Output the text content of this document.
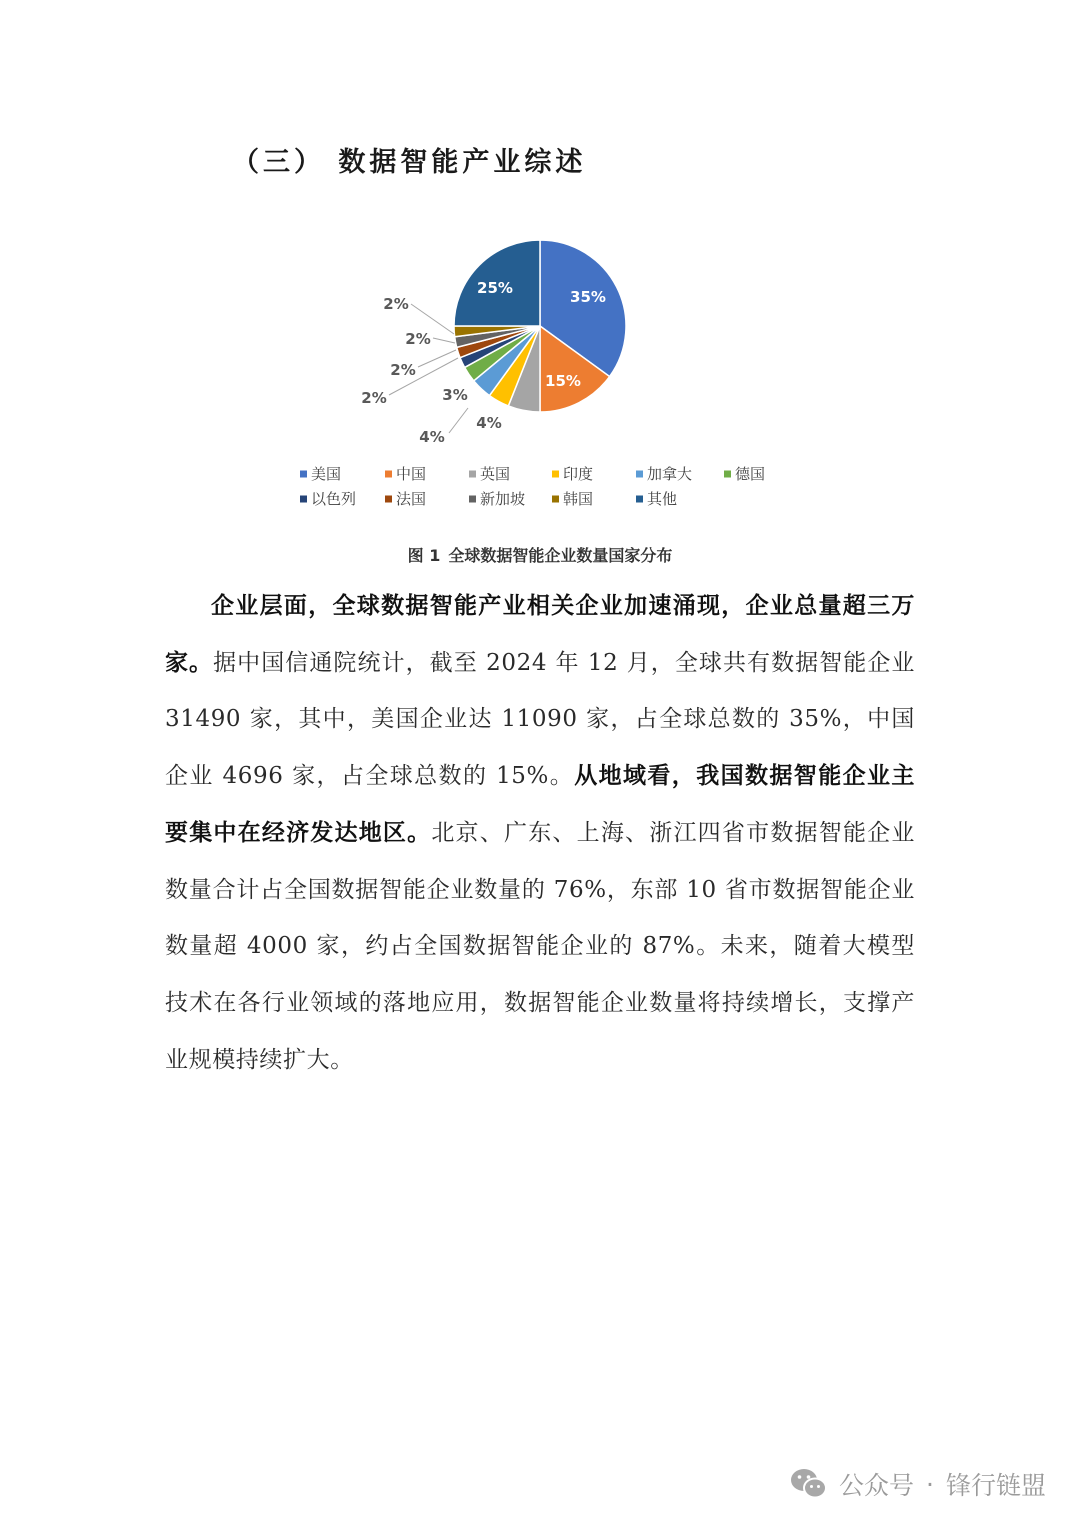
（三） 数据智能产业综述
35%
15%
4%
4%
3%
2%
2%
2%
2%
25%
美国	中国	英国	印度	加拿大	德国
以色列	法国	新加坡	韩国	其他
图 1 全球数据智能企业数量国家分布
企业层面，全球数据智能产业相关企业加速涌现，企业总量超三万家。据中国信通院统计，截至 2024 年 12 月，全球共有数据智能企业 31490 家，其中，美国企业达 11090 家，占全球总数的 35%，中国企业 4696 家，占全球总数的 15%。从地域看，我国数据智能企业主要集中在经济发达地区。北京、广东、上海、浙江四省市数据智能企业数量合计占全国数据智能企业数量的 76%，东部 10 省市数据智能企业数量超 4000 家，约占全国数据智能企业的 87%。未来，随着大模型技术在各行业领域的落地应用，数据智能企业数量将持续增长，支撑产业规模持续扩大。
公众号 · 锋行链盟
